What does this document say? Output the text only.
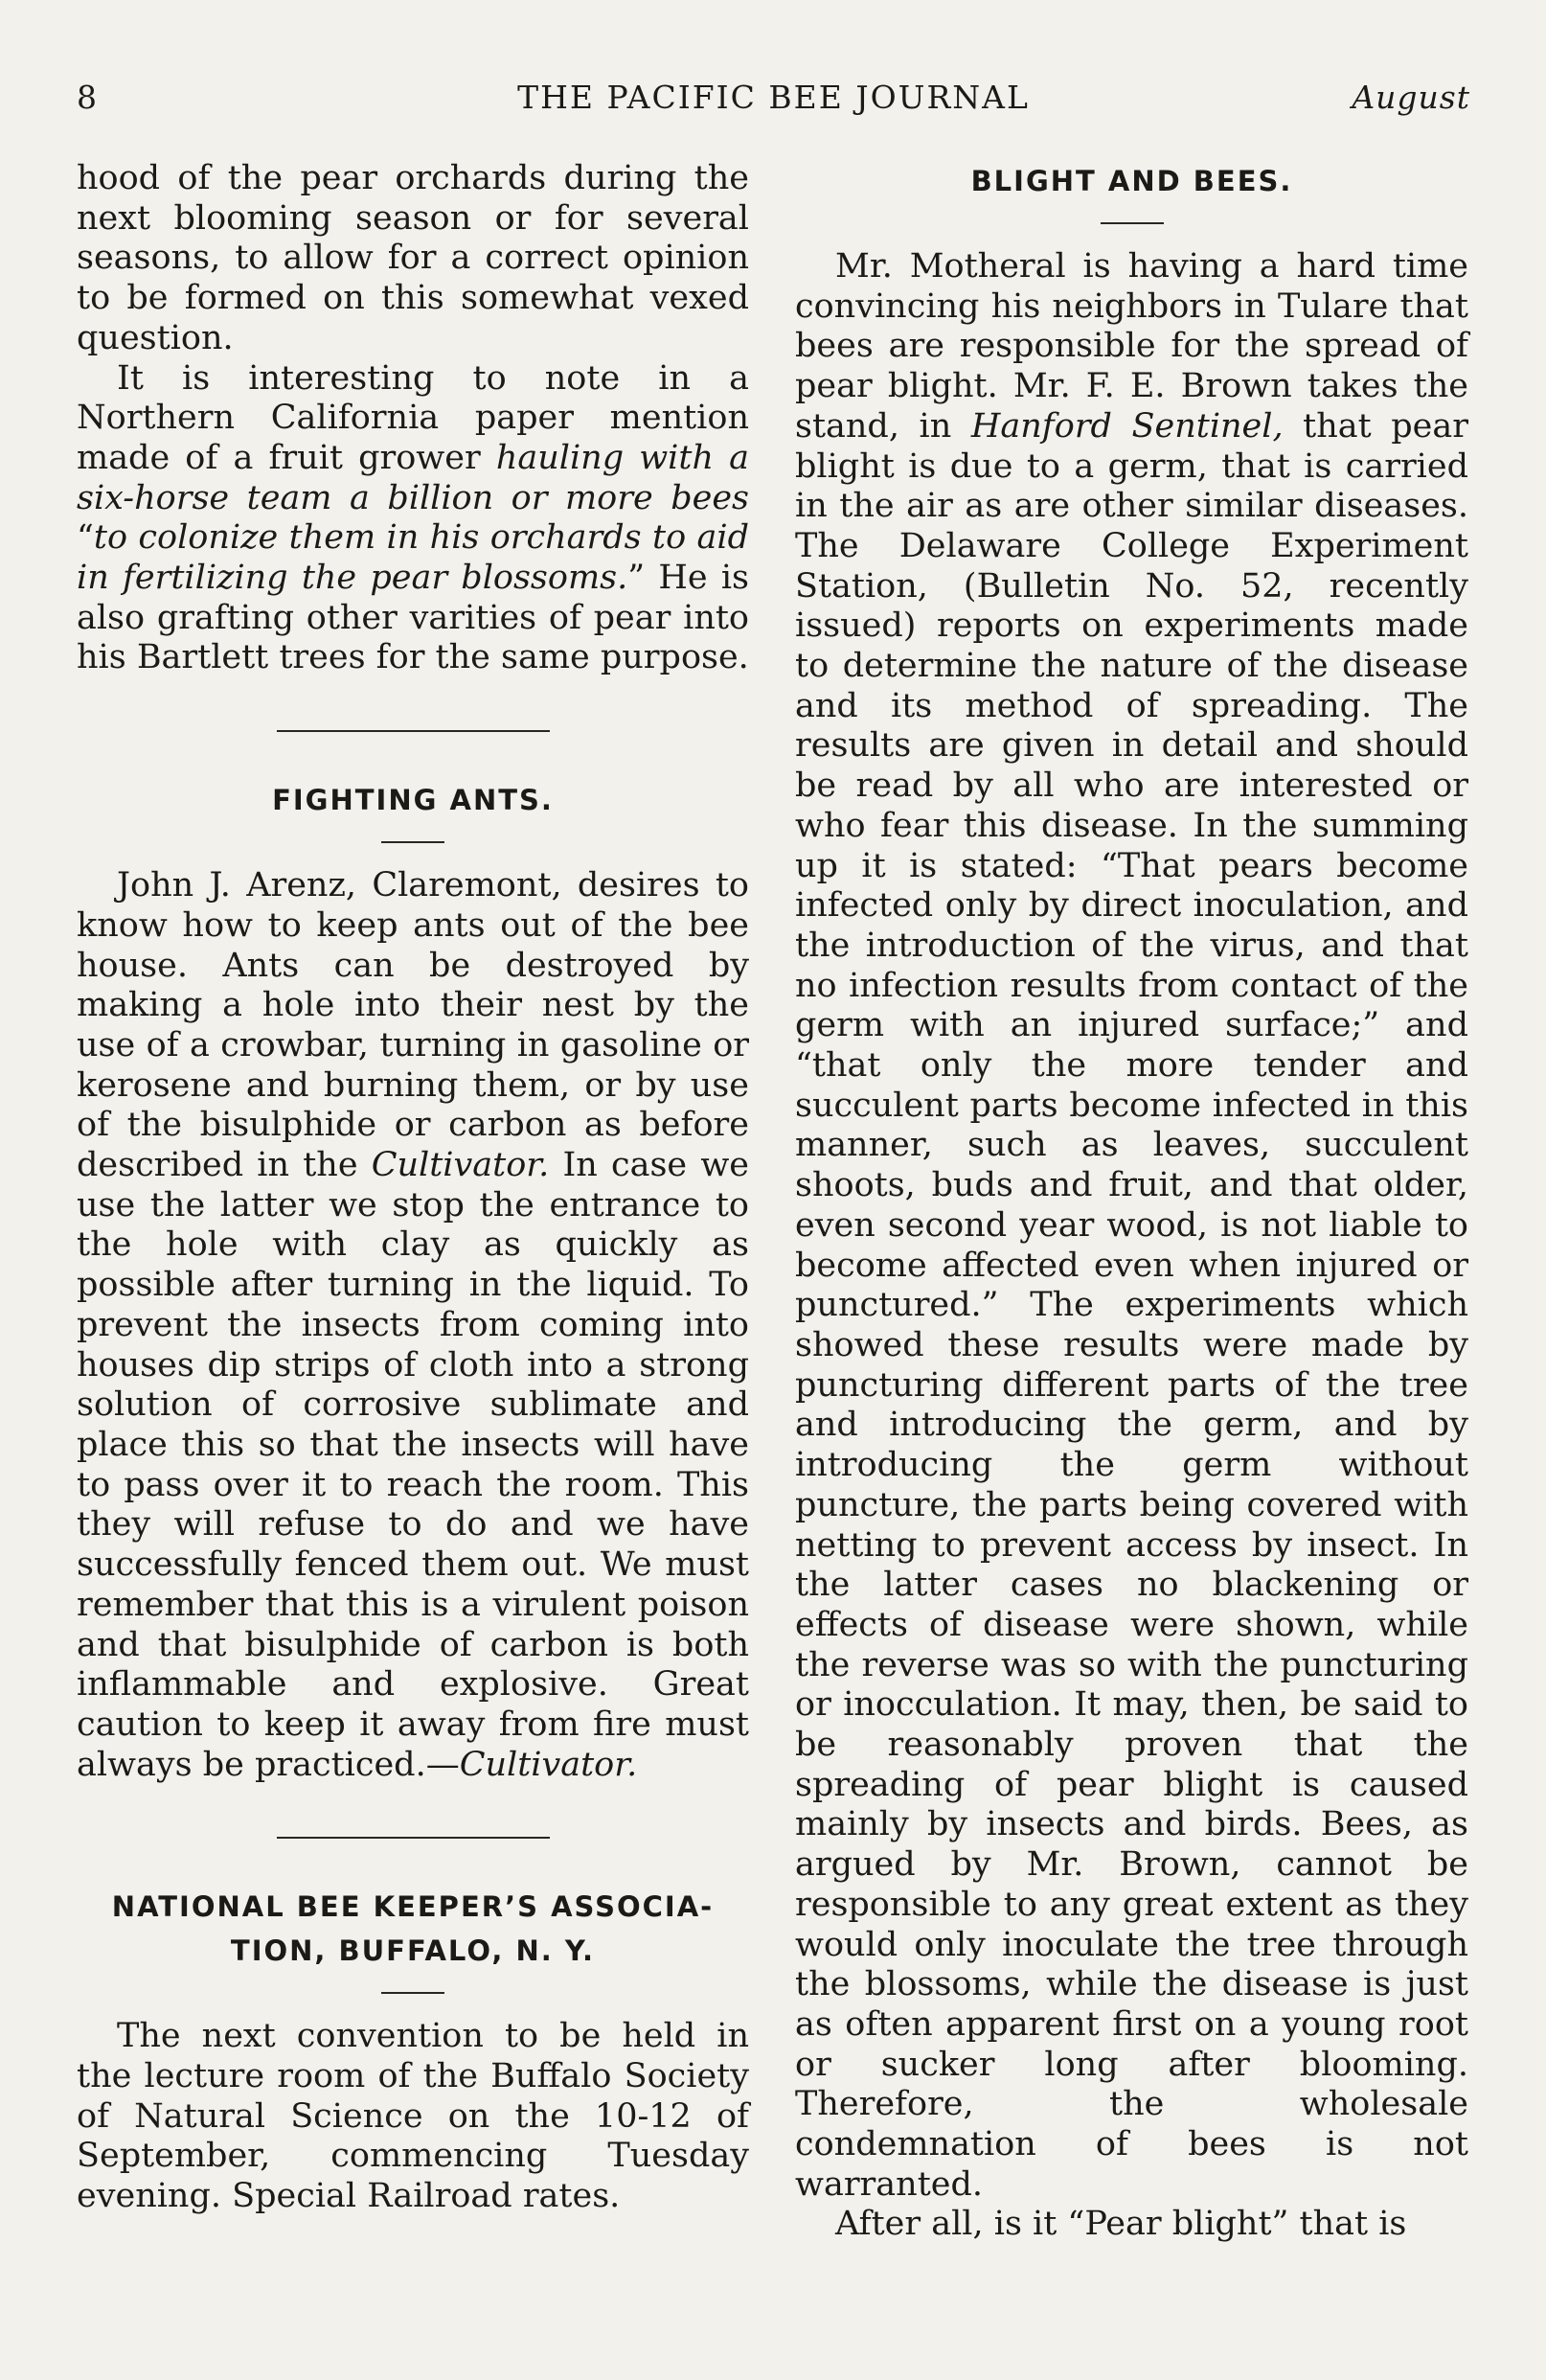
8	THE PACIFIC BEE JOURNAL	August

hood of the pear orchards during the next blooming season or for several seasons, to allow for a correct opinion to be formed on this somewhat vexed question.

It is interesting to note in a Northern California paper mention made of a fruit grower hauling with a six-horse team a billion or more bees “to colonize them in his orchards to aid in fertilizing the pear blossoms.” He is also grafting other varities of pear into his Bartlett trees for the same purpose.

FIGHTING ANTS.

John J. Arenz, Claremont, desires to know how to keep ants out of the bee house. Ants can be destroyed by making a hole into their nest by the use of a crowbar, turning in gasoline or kerosene and burning them, or by use of the bisulphide or carbon as before described in the Cultivator. In case we use the latter we stop the entrance to the hole with clay as quickly as possible after turning in the liquid. To prevent the insects from coming into houses dip strips of cloth into a strong solution of corrosive sublimate and place this so that the insects will have to pass over it to reach the room. This they will refuse to do and we have successfully fenced them out. We must remember that this is a virulent poison and that bisulphide of carbon is both inflammable and explosive. Great caution to keep it away from fire must always be practiced.—Cultivator.

NATIONAL BEE KEEPER’S ASSOCIA-
TION, BUFFALO, N. Y.

The next convention to be held in the lecture room of the Buffalo Society of Natural Science on the 10-12 of September, commencing Tuesday evening. Special Railroad rates.

BLIGHT AND BEES.

Mr. Motheral is having a hard time convincing his neighbors in Tulare that bees are responsible for the spread of pear blight. Mr. F. E. Brown takes the stand, in Hanford Sentinel, that pear blight is due to a germ, that is carried in the air as are other similar diseases. The Delaware College Experiment Station, (Bulletin No. 52, recently issued) reports on experiments made to determine the nature of the disease and its method of spreading. The results are given in detail and should be read by all who are interested or who fear this disease. In the summing up it is stated: “That pears become infected only by direct inoculation, and the introduction of the virus, and that no infection results from contact of the germ with an injured surface;” and “that only the more tender and succulent parts become infected in this manner, such as leaves, succulent shoots, buds and fruit, and that older, even second year wood, is not liable to become affected even when injured or punctured.” The experiments which showed these results were made by puncturing different parts of the tree and introducing the germ, and by introducing the germ without puncture, the parts being covered with netting to prevent access by insect. In the latter cases no blackening or effects of disease were shown, while the reverse was so with the puncturing or inocculation. It may, then, be said to be reasonably proven that the spreading of pear blight is caused mainly by insects and birds. Bees, as argued by Mr. Brown, cannot be responsible to any great extent as they would only inoculate the tree through the blossoms, while the disease is just as often apparent first on a young root or sucker long after blooming. Therefore, the wholesale condemnation of bees is not warranted.

After all, is it “Pear blight” that is
